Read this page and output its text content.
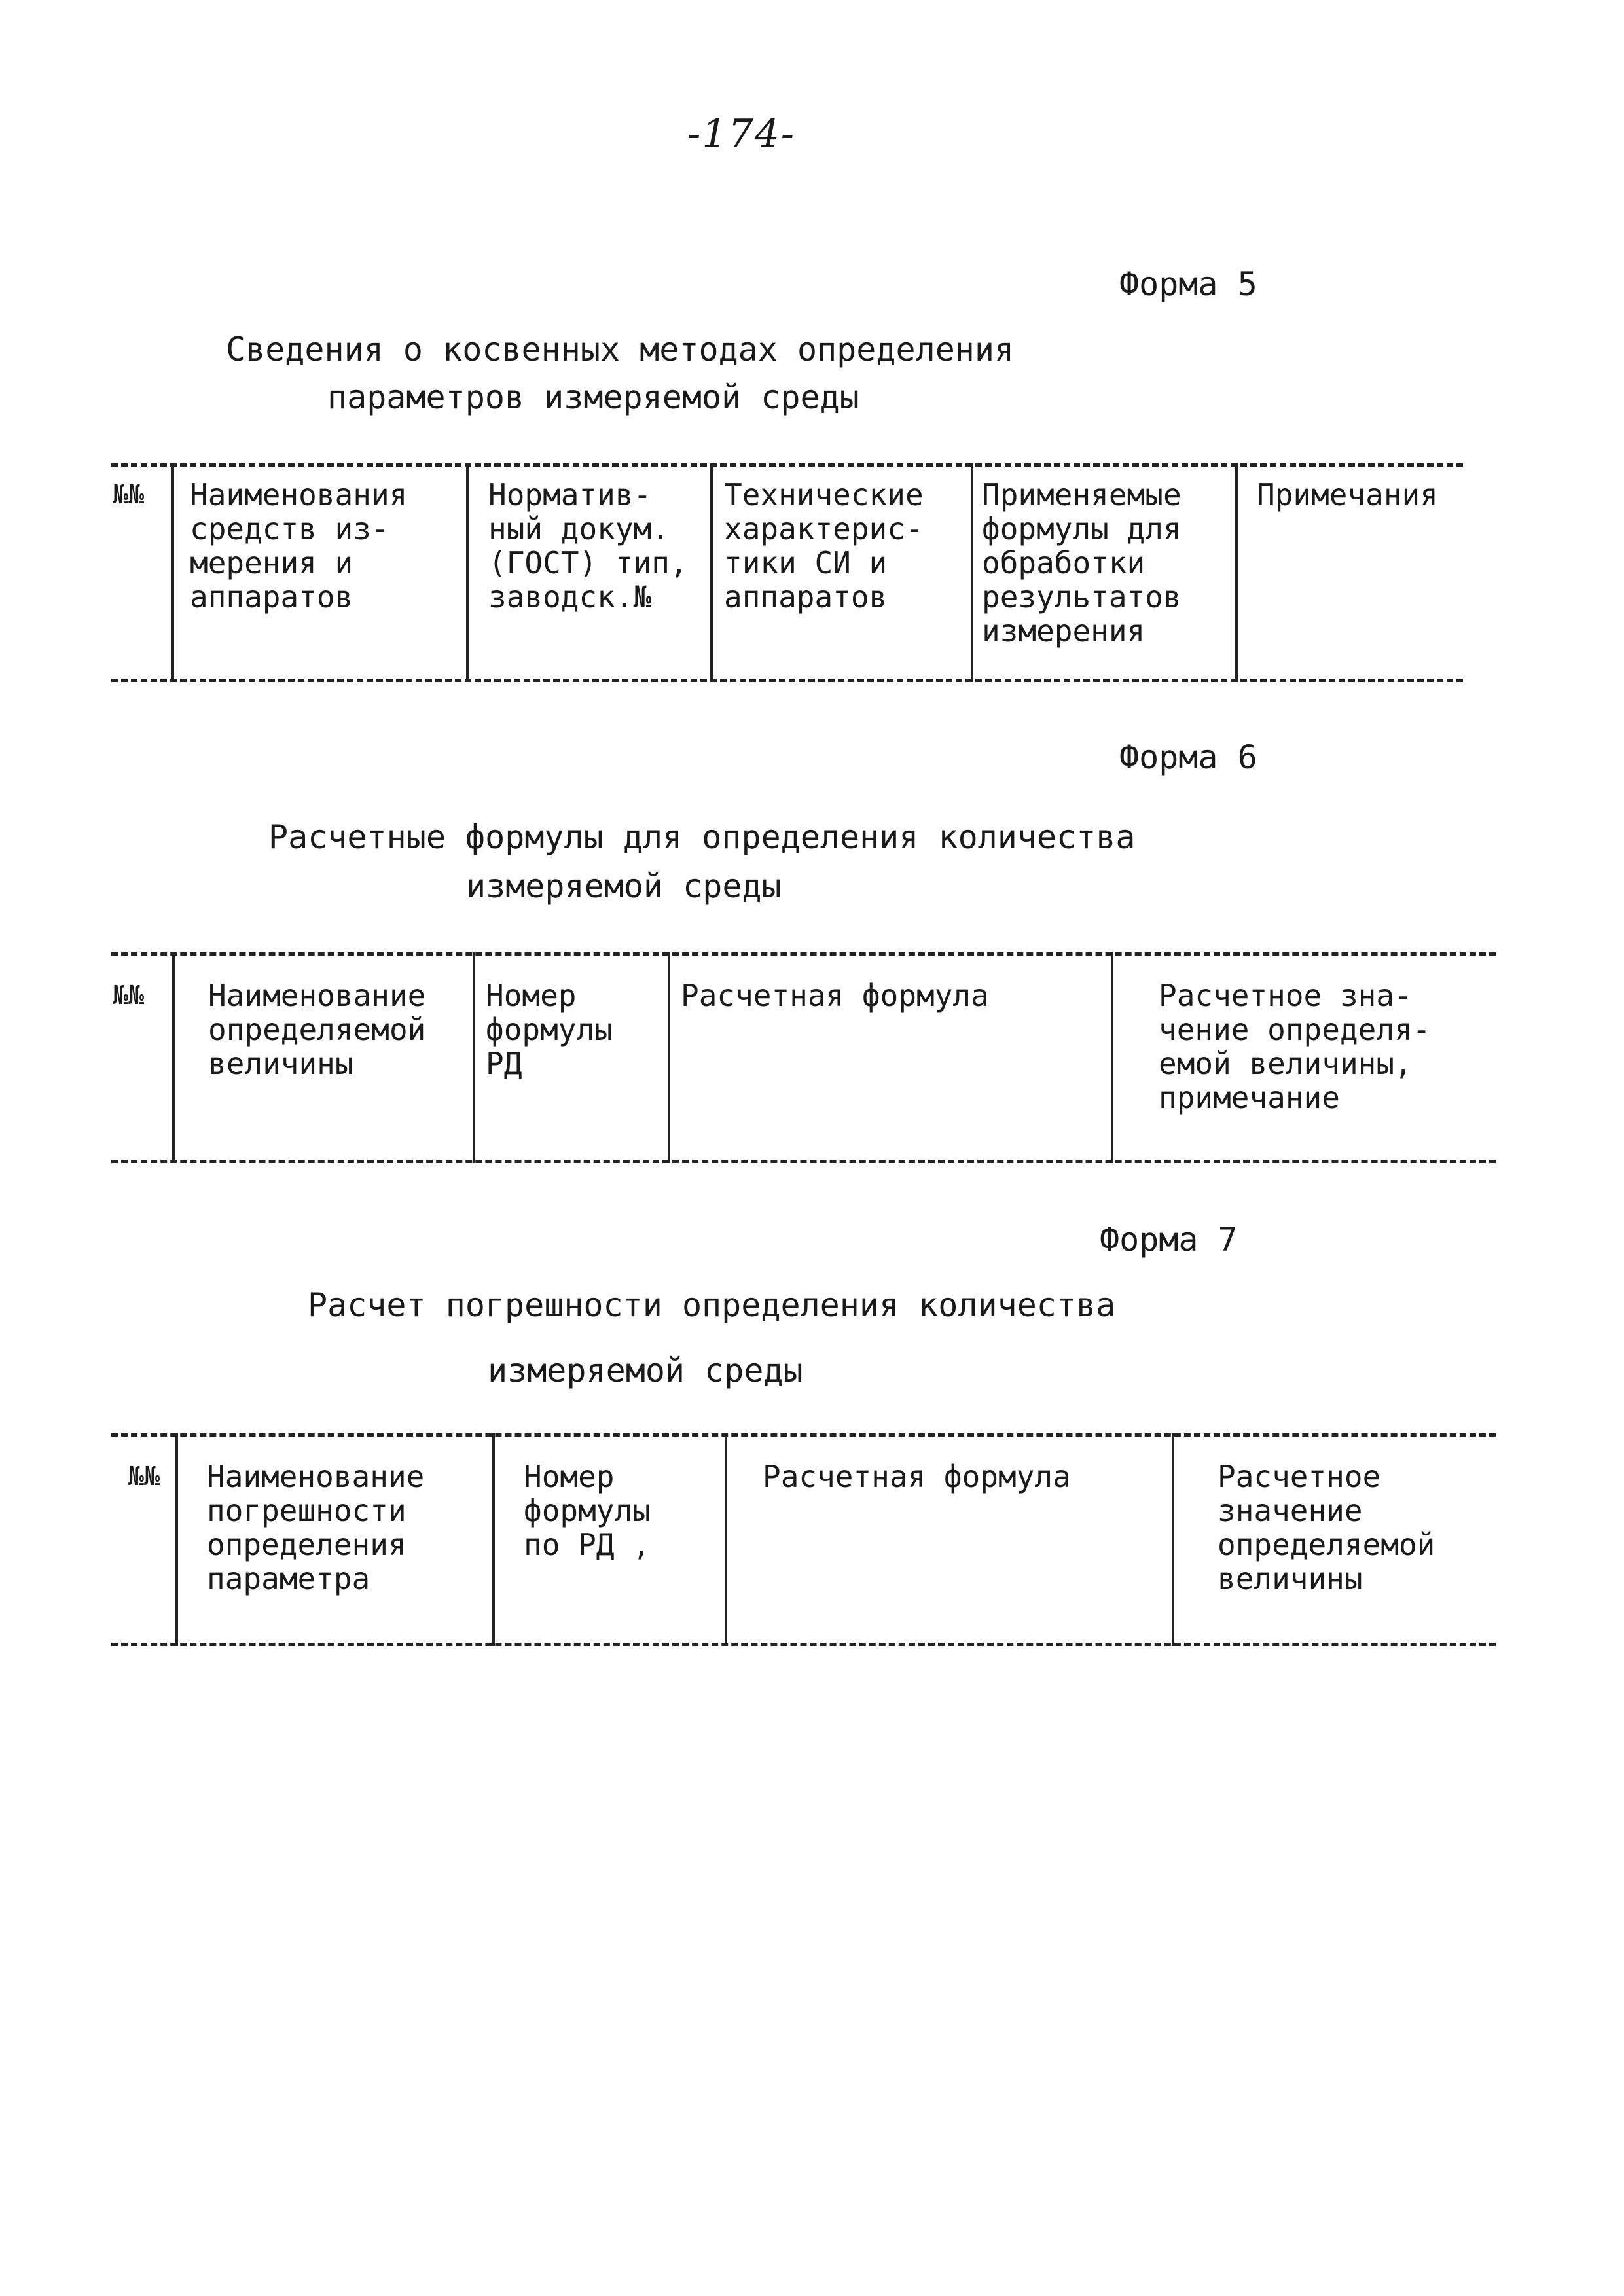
-174-
Форма 5
Сведения о косвенных методах определения
параметров измеряемой среды
№№ Наименования
средств из-
мерения и
аппаратов
Норматив-
ный докум.
(ГОСТ) тип,
заводск.№
Технические
характерис-
тики СИ и
аппаратов
Применяемые
формулы для
обработки
результатов
измерения
Примечания
Форма 6
Расчетные формулы для определения количества
измеряемой среды
№№ Наименование
определяемой
величины
Номер
формулы
РД
Расчетная формула	Расчетное зна-
чение определя-
емой величины,
примечание
Форма 7
Расчет погрешности определения количества
измеряемой среды
№№ Наименование
погрешности
определения
параметра
Номер
формулы
по РД ,
Расчетная формула	Расчетное
значение
определяемой
величины
